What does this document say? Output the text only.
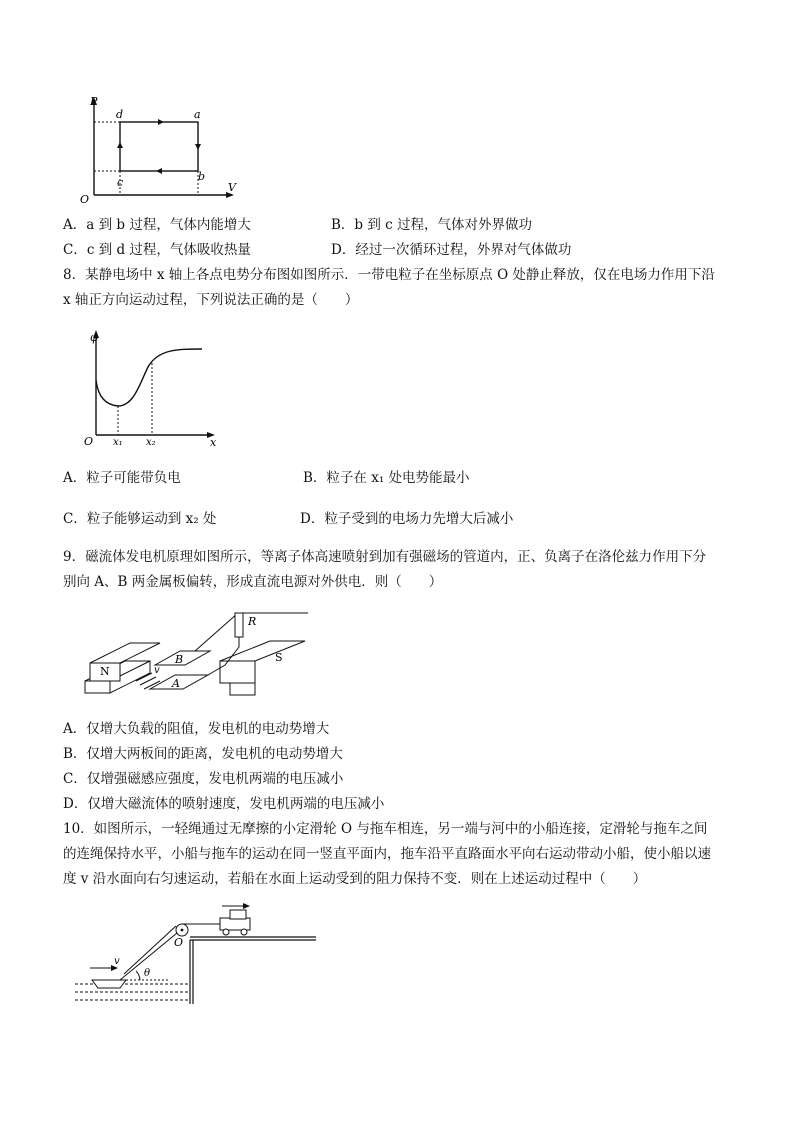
P
V
O
a
b
c
d
A．a 到 b 过程，气体内能增大	B．b 到 c 过程，气体对外界做功
C．c 到 d 过程，气体吸收热量	D．经过一次循环过程，外界对气体做功
8．某静电场中 x 轴上各点电势分布图如图所示．一带电粒子在坐标原点 O 处静止释放，仅在电场力作用下沿
x 轴正方向运动过程，下列说法正确的是（　　）
φ
O x₁ x₂	x
A．粒子可能带负电	B．粒子在 x₁ 处电势能最小
C．粒子能够运动到 x₂ 处	D．粒子受到的电场力先增大后减小
9．磁流体发电机原理如图所示，等离子体高速喷射到加有强磁场的管道内，正、负离子在洛伦兹力作用下分
别向 A、B 两金属板偏转，形成直流电源对外供电．则（　　）
N
S
B
A
R
v
A．仅增大负载的阻值，发电机的电动势增大
B．仅增大两板间的距离，发电机的电动势增大
C．仅增强磁感应强度，发电机两端的电压减小
D．仅增大磁流体的喷射速度，发电机两端的电压减小
10．如图所示，一轻绳通过无摩擦的小定滑轮 O 与拖车相连，另一端与河中的小船连接，定滑轮与拖车之间
的连绳保持水平，小船与拖车的运动在同一竖直平面内，拖车沿平直路面水平向右运动带动小船，使小船以速
度 v 沿水面向右匀速运动，若船在水面上运动受到的阻力保持不变．则在上述运动过程中（　　）
O
v
θ
